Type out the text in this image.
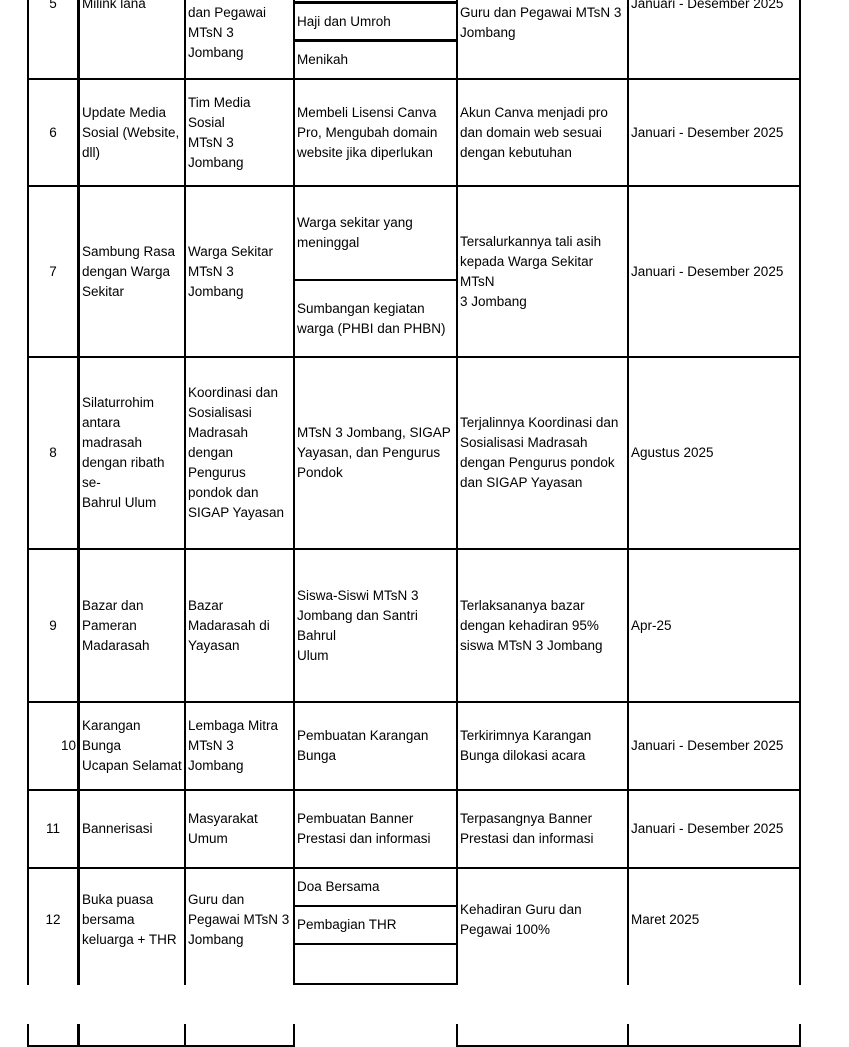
5 Milink lana
dan Pegawai
MTsN 3 Jombang
Haji dan Umroh
Menikah
Guru dan Pegawai MTsN 3
Jombang
Januari - Desember 2025
6
Update Media
Sosial (Website,
dll)
Tim Media Sosial
MTsN 3 Jombang
Membeli Lisensi Canva
Pro, Mengubah domain
website jika diperlukan
Akun Canva menjadi pro
dan domain web sesuai
dengan kebutuhan
Januari - Desember 2025
7
Sambung Rasa
dengan Warga
Sekitar
Warga Sekitar
MTsN 3 Jombang
Warga sekitar yang
meninggal
Sumbangan kegiatan
warga (PHBI dan PHBN)
Tersalurkannya tali asih
kepada Warga Sekitar MTsN
3 Jombang
Januari - Desember 2025
8
Silaturrohim
antara madrasah
dengan ribath se-
Bahrul Ulum
Koordinasi dan
Sosialisasi
Madrasah
dengan Pengurus
pondok dan
SIGAP Yayasan
MTsN 3 Jombang, SIGAP
Yayasan, dan Pengurus
Pondok
Terjalinnya Koordinasi dan
Sosialisasi Madrasah
dengan Pengurus pondok
dan SIGAP Yayasan
Agustus 2025
9
Bazar dan
Pameran
Madarasah
Bazar
Madarasah di
Yayasan
Siswa-Siswi MTsN 3
Jombang dan Santri Bahrul
Ulum
Terlaksananya bazar
dengan kehadiran 95%
siswa MTsN 3 Jombang
Apr-25
10
Karangan Bunga
Ucapan Selamat
Lembaga Mitra
MTsN 3 Jombang
Pembuatan Karangan
Bunga
Terkirimnya Karangan
Bunga dilokasi acara
Januari - Desember 2025
11 Bannerisasi
Masyarakat
Umum
Pembuatan Banner
Prestasi dan informasi
Terpasangnya Banner
Prestasi dan informasi
Januari - Desember 2025
12
Buka puasa
bersama
keluarga + THR
Guru dan
Pegawai MTsN 3
Jombang
Doa Bersama
Pembagian THR
Kehadiran Guru dan
Pegawai 100%
Maret 2025
